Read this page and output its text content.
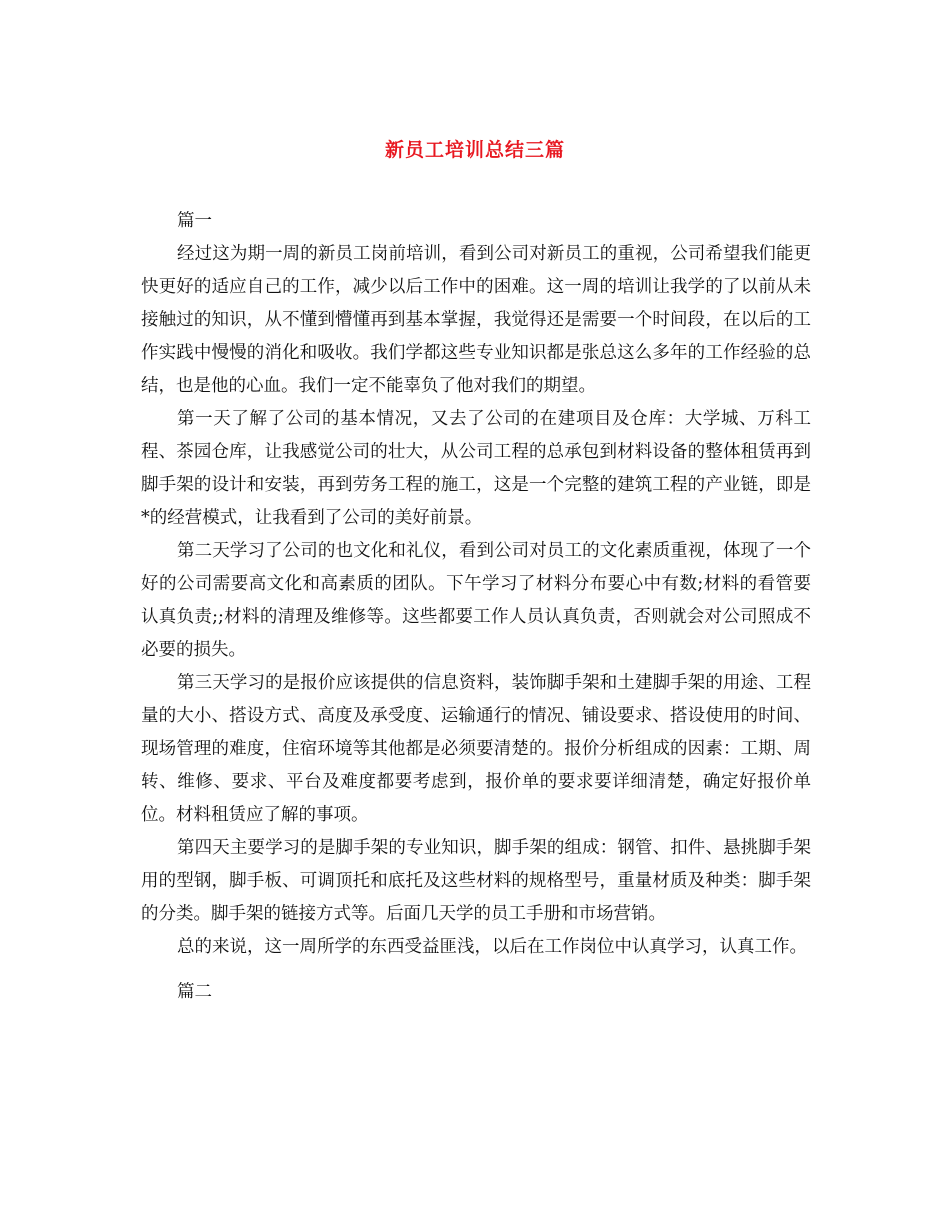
新员工培训总结三篇

篇一

经过这为期一周的新员工岗前培训，看到公司对新员工的重视，公司希望我们能更快更好的适应自己的工作，减少以后工作中的困难。这一周的培训让我学的了以前从未接触过的知识，从不懂到懵懂再到基本掌握，我觉得还是需要一个时间段，在以后的工作实践中慢慢的消化和吸收。我们学都这些专业知识都是张总这么多年的工作经验的总结，也是他的心血。我们一定不能辜负了他对我们的期望。

第一天了解了公司的基本情况，又去了公司的在建项目及仓库：大学城、万科工程、茶园仓库，让我感觉公司的壮大，从公司工程的总承包到材料设备的整体租赁再到脚手架的设计和安装，再到劳务工程的施工，这是一个完整的建筑工程的产业链，即是*的经营模式，让我看到了公司的美好前景。

第二天学习了公司的也文化和礼仪，看到公司对员工的文化素质重视，体现了一个好的公司需要高文化和高素质的团队。下午学习了材料分布要心中有数;材料的看管要认真负责;;材料的清理及维修等。这些都要工作人员认真负责，否则就会对公司照成不必要的损失。

第三天学习的是报价应该提供的信息资料，装饰脚手架和土建脚手架的用途、工程量的大小、搭设方式、高度及承受度、运输通行的情况、铺设要求、搭设使用的时间、现场管理的难度，住宿环境等其他都是必须要清楚的。报价分析组成的因素：工期、周转、维修、要求、平台及难度都要考虑到，报价单的要求要详细清楚，确定好报价单位。材料租赁应了解的事项。

第四天主要学习的是脚手架的专业知识，脚手架的组成：钢管、扣件、悬挑脚手架用的型钢，脚手板、可调顶托和底托及这些材料的规格型号，重量材质及种类：脚手架的分类。脚手架的链接方式等。后面几天学的员工手册和市场营销。

总的来说，这一周所学的东西受益匪浅，以后在工作岗位中认真学习，认真工作。

篇二
